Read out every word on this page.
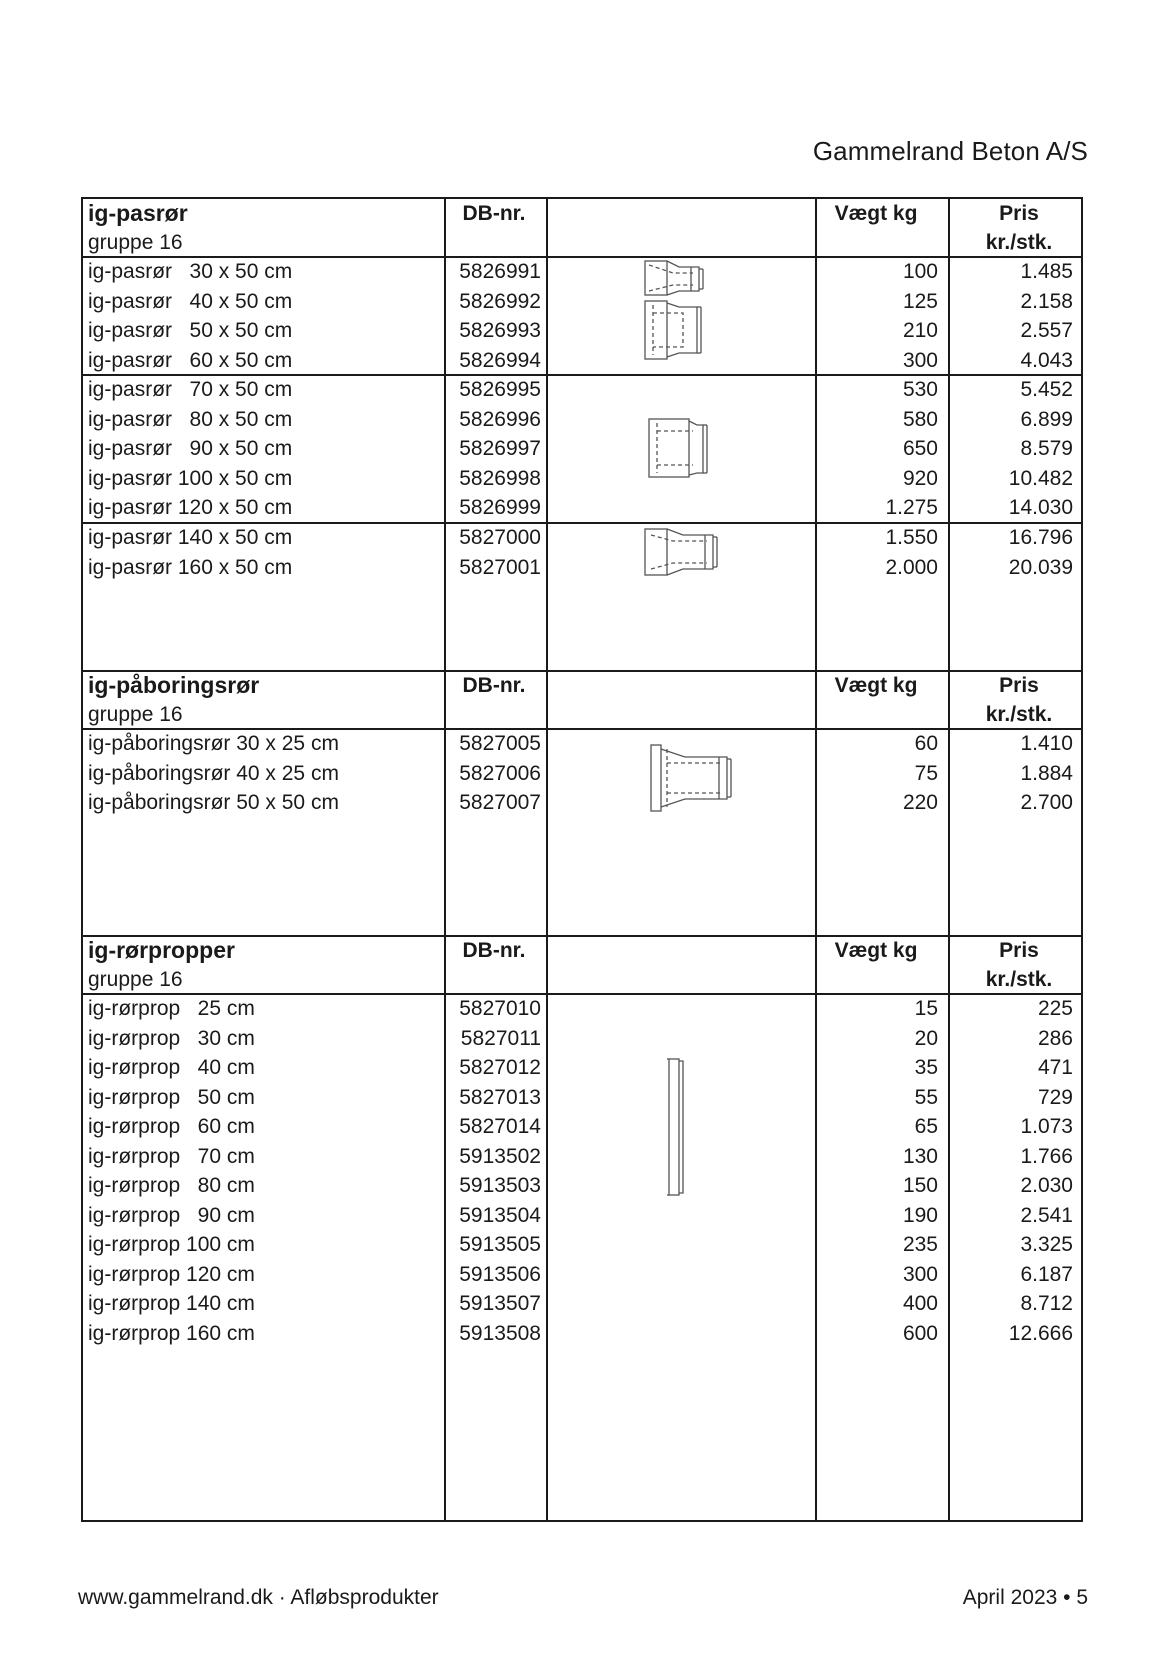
Gammelrand Beton A/S
ig-pasrør
gruppe 16
DB-nr.	Vægt kg	Pris
kr./stk.
ig-pasrør   30 x 50 cm	5826991	100	1.485
ig-pasrør   40 x 50 cm	5826992	125	2.158
ig-pasrør   50 x 50 cm	5826993	210	2.557
ig-pasrør   60 x 50 cm	5826994	300	4.043
ig-pasrør   70 x 50 cm	5826995	530	5.452
ig-pasrør   80 x 50 cm	5826996	580	6.899
ig-pasrør   90 x 50 cm	5826997	650	8.579
ig-pasrør 100 x 50 cm	5826998	920	10.482
ig-pasrør 120 x 50 cm	5826999	1.275	14.030
ig-pasrør 140 x 50 cm	5827000	1.550	16.796
ig-pasrør 160 x 50 cm	5827001	2.000	20.039
ig-påboringsrør
gruppe 16
DB-nr.	Vægt kg	Pris
kr./stk.
ig-påboringsrør 30 x 25 cm	5827005	60	1.410
ig-påboringsrør 40 x 25 cm	5827006	75	1.884
ig-påboringsrør 50 x 50 cm	5827007	220	2.700
ig-rørpropper
gruppe 16
DB-nr.	Vægt kg	Pris
kr./stk.
ig-rørprop   25 cm	5827010	15	225
ig-rørprop   30 cm	5827011	20	286
ig-rørprop   40 cm	5827012	35	471
ig-rørprop   50 cm	5827013	55	729
ig-rørprop   60 cm	5827014	65	1.073
ig-rørprop   70 cm	5913502	130	1.766
ig-rørprop   80 cm	5913503	150	2.030
ig-rørprop   90 cm	5913504	190	2.541
ig-rørprop 100 cm	5913505	235	3.325
ig-rørprop 120 cm	5913506	300	6.187
ig-rørprop 140 cm	5913507	400	8.712
ig-rørprop 160 cm	5913508	600	12.666
www.gammelrand.dk · Afløbsprodukter	April 2023 • 5
